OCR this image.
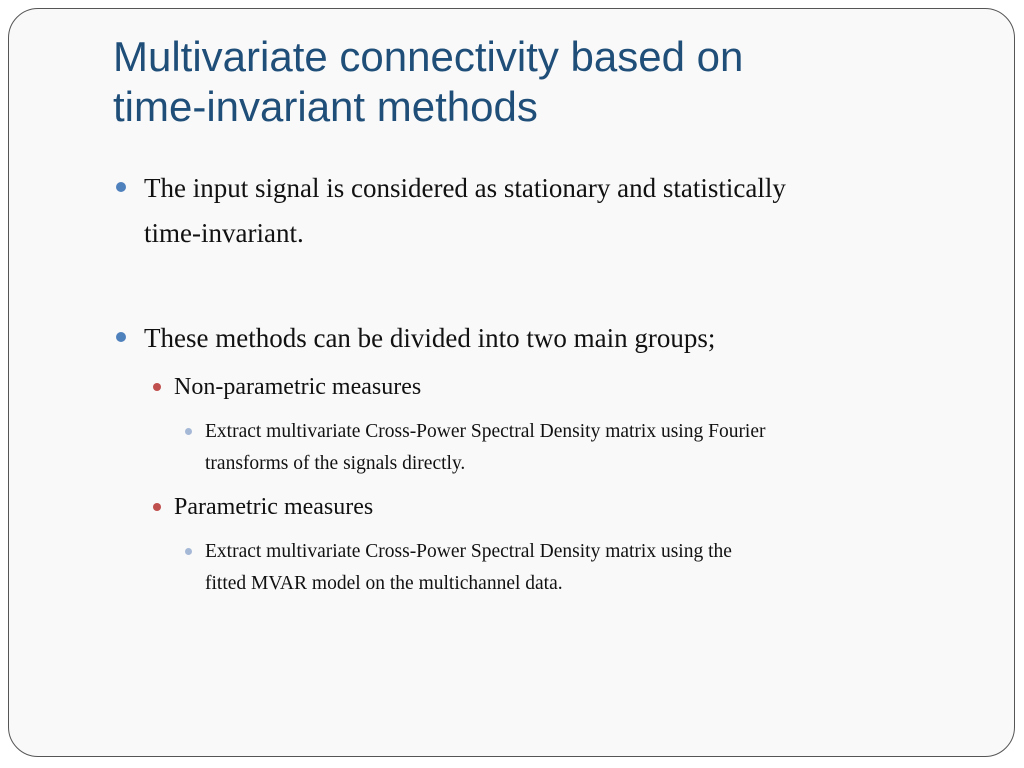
Multivariate connectivity based on
time-invariant methods
The input signal is considered as stationary and statistically
time-invariant.
These methods can be divided into two main groups;
Non-parametric measures
Extract multivariate Cross-Power Spectral Density matrix using Fourier
transforms of the signals directly.
Parametric measures
Extract multivariate Cross-Power Spectral Density matrix using the
fitted MVAR model on the multichannel data.
